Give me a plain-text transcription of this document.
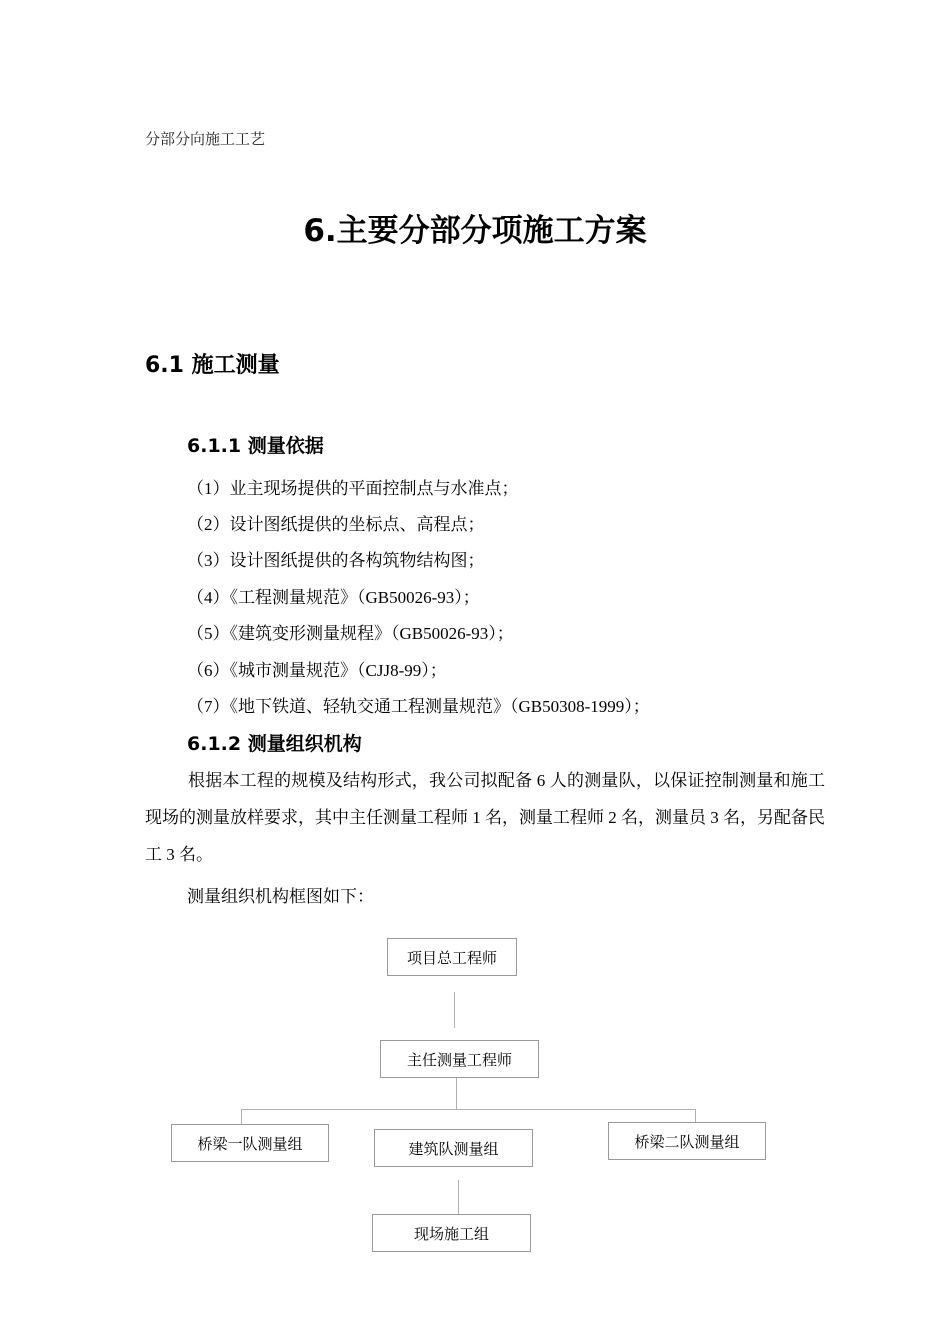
分部分向施工工艺
6.主要分部分项施工方案
6.1 施工测量
6.1.1 测量依据
（1）业主现场提供的平面控制点与水准点；
（2）设计图纸提供的坐标点、高程点；
（3）设计图纸提供的各构筑物结构图；
（4）《工程测量规范》（GB50026-93）；
（5）《建筑变形测量规程》（GB50026-93）；
（6）《城市测量规范》（CJJ8-99）；
（7）《地下铁道、轻轨交通工程测量规范》（GB50308-1999）；
6.1.2 测量组织机构
根据本工程的规模及结构形式，我公司拟配备 6 人的测量队，以保证控制测量和施工现场的测量放样要求，其中主任测量工程师 1 名，测量工程师 2 名，测量员 3 名，另配备民工 3 名。
测量组织机构框图如下：
项目总工程师
主任测量工程师
桥梁一队测量组	建筑队测量组	桥梁二队测量组
现场施工组
